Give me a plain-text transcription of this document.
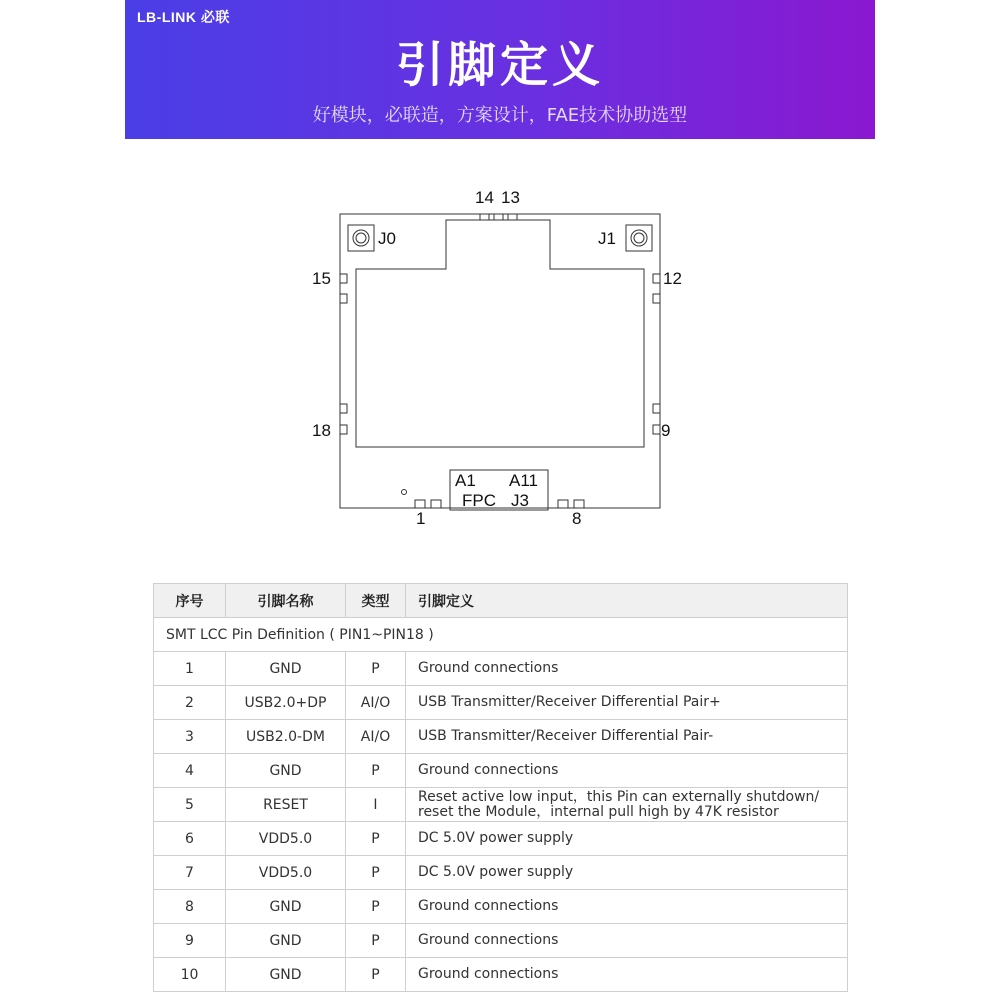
LB-LINK 必联
引脚定义
好模块，必联造，方案设计，FAE技术协助选型
14 13
J0	J1
15	12
18	9
1	8
A1 A11
FPC J3
序号	引脚名称	类型	引脚定义
SMT LCC Pin Definition ( PIN1~PIN18 )			
1	GND	P	Ground connections
2	USB2.0+DP	AI/O	USB Transmitter/Receiver Differential Pair+
3	USB2.0-DM	AI/O	USB Transmitter/Receiver Differential Pair-
4	GND	P	Ground connections
5	RESET	I	Reset active low input，this Pin can externally shutdown/ reset the Module，internal pull high by 47K resistor
6	VDD5.0	P	DC 5.0V power supply
7	VDD5.0	P	DC 5.0V power supply
8	GND	P	Ground connections
9	GND	P	Ground connections
10	GND	P	Ground connections
